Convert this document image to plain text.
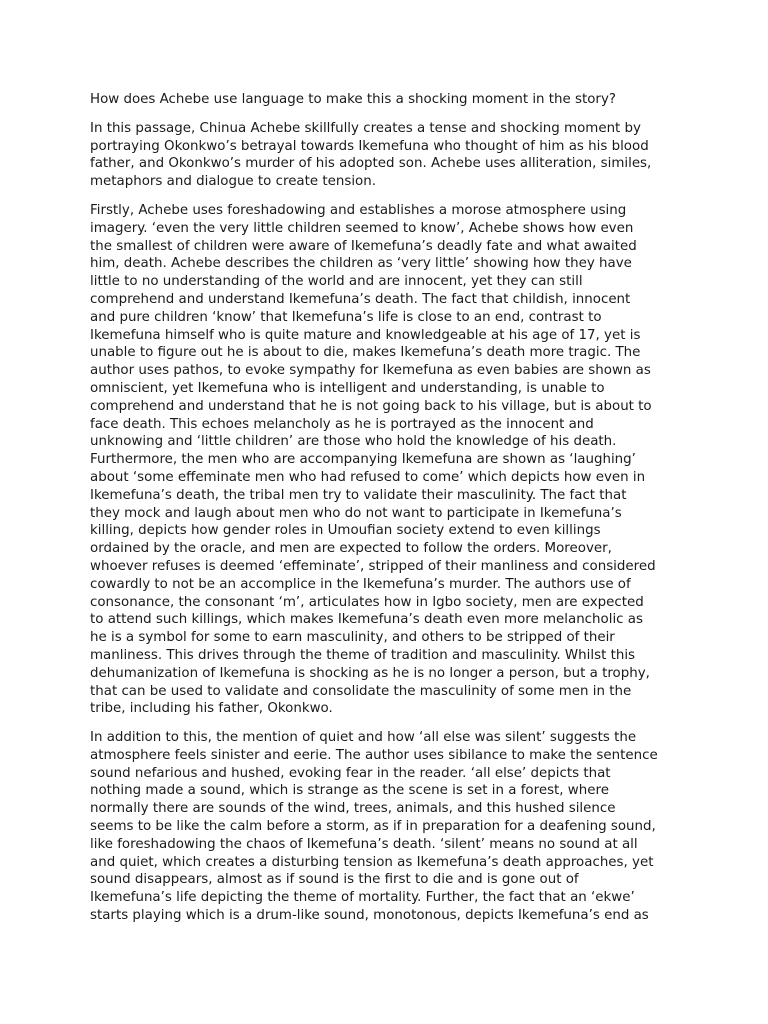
How does Achebe use language to make this a shocking moment in the story?

In this passage, Chinua Achebe skillfully creates a tense and shocking moment by
portraying Okonkwo’s betrayal towards Ikemefuna who thought of him as his blood
father, and Okonkwo’s murder of his adopted son. Achebe uses alliteration, similes,
metaphors and dialogue to create tension.

Firstly, Achebe uses foreshadowing and establishes a morose atmosphere using
imagery. ‘even the very little children seemed to know’, Achebe shows how even
the smallest of children were aware of Ikemefuna’s deadly fate and what awaited
him, death. Achebe describes the children as ‘very little’ showing how they have
little to no understanding of the world and are innocent, yet they can still
comprehend and understand Ikemefuna’s death. The fact that childish, innocent
and pure children ‘know’ that Ikemefuna’s life is close to an end, contrast to
Ikemefuna himself who is quite mature and knowledgeable at his age of 17, yet is
unable to figure out he is about to die, makes Ikemefuna’s death more tragic. The
author uses pathos, to evoke sympathy for Ikemefuna as even babies are shown as
omniscient, yet Ikemefuna who is intelligent and understanding, is unable to
comprehend and understand that he is not going back to his village, but is about to
face death. This echoes melancholy as he is portrayed as the innocent and
unknowing and ‘little children’ are those who hold the knowledge of his death.
Furthermore, the men who are accompanying Ikemefuna are shown as ‘laughing’
about ‘some effeminate men who had refused to come’ which depicts how even in
Ikemefuna’s death, the tribal men try to validate their masculinity. The fact that
they mock and laugh about men who do not want to participate in Ikemefuna’s
killing, depicts how gender roles in Umoufian society extend to even killings
ordained by the oracle, and men are expected to follow the orders. Moreover,
whoever refuses is deemed ‘effeminate’, stripped of their manliness and considered
cowardly to not be an accomplice in the Ikemefuna’s murder. The authors use of
consonance, the consonant ‘m’, articulates how in Igbo society, men are expected
to attend such killings, which makes Ikemefuna’s death even more melancholic as
he is a symbol for some to earn masculinity, and others to be stripped of their
manliness. This drives through the theme of tradition and masculinity. Whilst this
dehumanization of Ikemefuna is shocking as he is no longer a person, but a trophy,
that can be used to validate and consolidate the masculinity of some men in the
tribe, including his father, Okonkwo.

In addition to this, the mention of quiet and how ‘all else was silent’ suggests the
atmosphere feels sinister and eerie. The author uses sibilance to make the sentence
sound nefarious and hushed, evoking fear in the reader. ‘all else’ depicts that
nothing made a sound, which is strange as the scene is set in a forest, where
normally there are sounds of the wind, trees, animals, and this hushed silence
seems to be like the calm before a storm, as if in preparation for a deafening sound,
like foreshadowing the chaos of Ikemefuna’s death. ‘silent’ means no sound at all
and quiet, which creates a disturbing tension as Ikemefuna’s death approaches, yet
sound disappears, almost as if sound is the first to die and is gone out of
Ikemefuna’s life depicting the theme of mortality. Further, the fact that an ‘ekwe’
starts playing which is a drum-like sound, monotonous, depicts Ikemefuna’s end as
